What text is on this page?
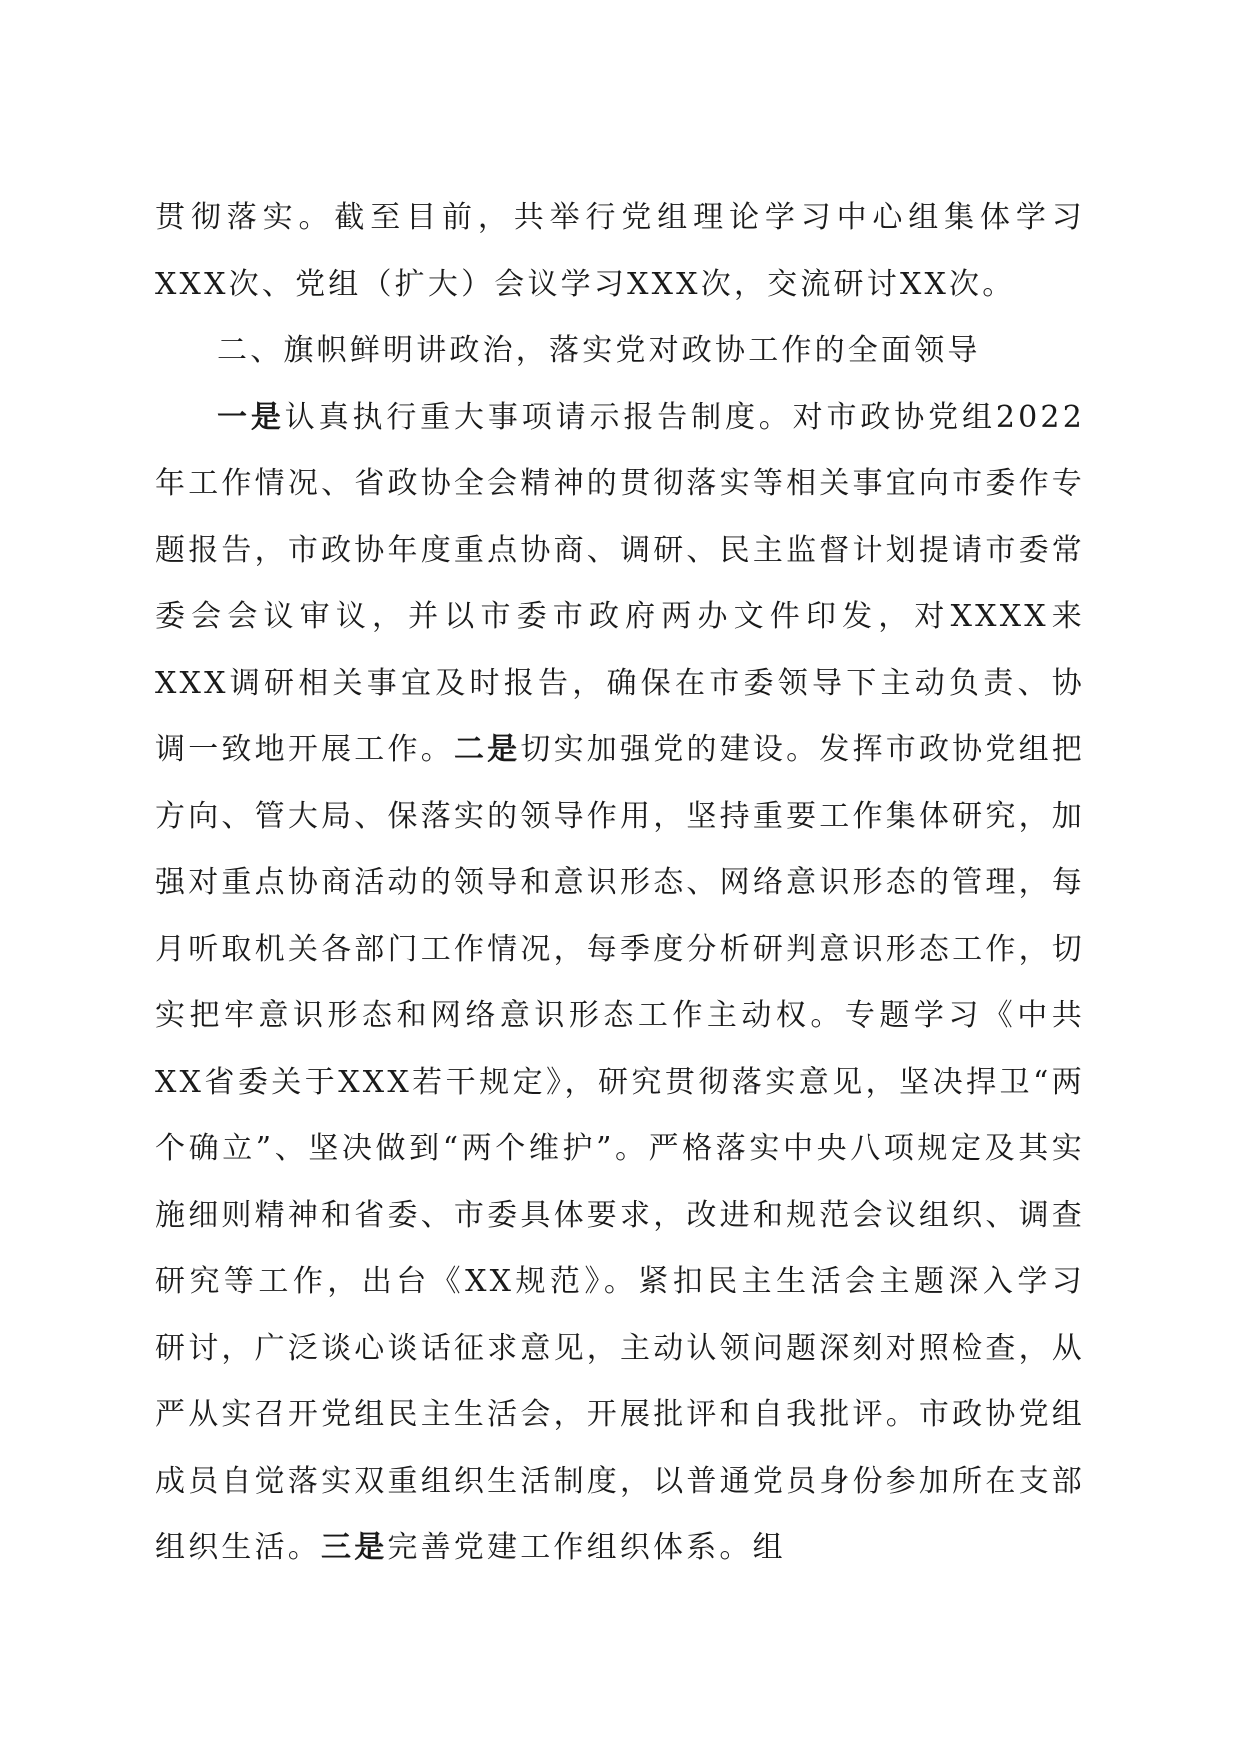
贯彻落实。截至目前，共举行党组理论学习中心组集体学习XXX次、党组（扩大）会议学习XXX次，交流研讨XX次。

二、旗帜鲜明讲政治，落实党对政协工作的全面领导

一是认真执行重大事项请示报告制度。对市政协党组2022年工作情况、省政协全会精神的贯彻落实等相关事宜向市委作专题报告，市政协年度重点协商、调研、民主监督计划提请市委常委会会议审议，并以市委市政府两办文件印发，对XXXX来XXX调研相关事宜及时报告，确保在市委领导下主动负责、协调一致地开展工作。二是切实加强党的建设。发挥市政协党组把方向、管大局、保落实的领导作用，坚持重要工作集体研究，加强对重点协商活动的领导和意识形态、网络意识形态的管理，每月听取机关各部门工作情况，每季度分析研判意识形态工作，切实把牢意识形态和网络意识形态工作主动权。专题学习《中共XX省委关于XXX若干规定》，研究贯彻落实意见，坚决捍卫“两个确立”、坚决做到“两个维护”。严格落实中央八项规定及其实施细则精神和省委、市委具体要求，改进和规范会议组织、调查研究等工作，出台《XX规范》。紧扣民主生活会主题深入学习研讨，广泛谈心谈话征求意见，主动认领问题深刻对照检查，从严从实召开党组民主生活会，开展批评和自我批评。市政协党组成员自觉落实双重组织生活制度，以普通党员身份参加所在支部组织生活。三是完善党建工作组织体系。组
